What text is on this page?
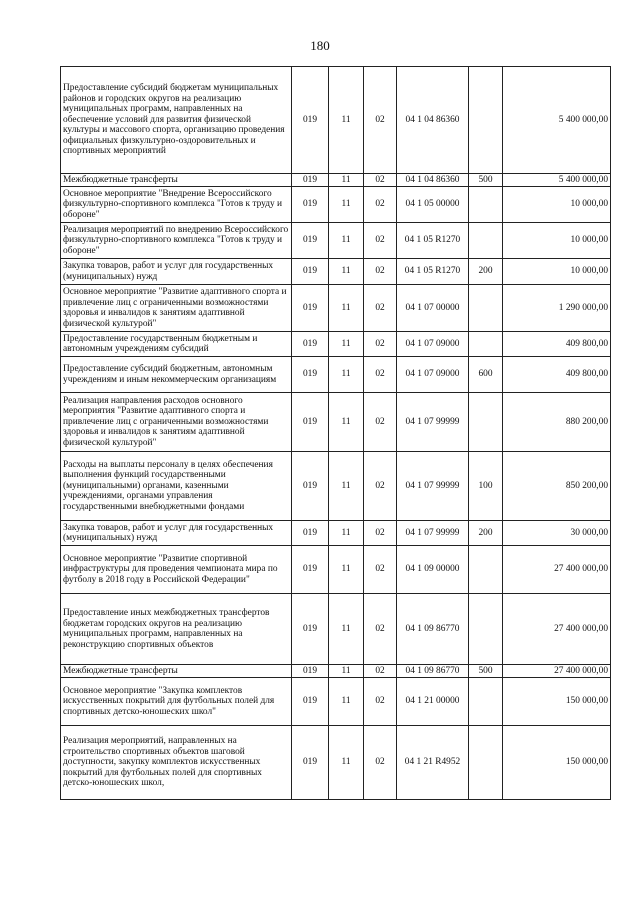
180
Предоставление субсидий бюджетам муниципальных районов и городских округов на реализацию муниципальных программ, направленных на обеспечение условий для развития физической культуры и массового спорта, организацию проведения официальных физкультурно-оздоровительных и спортивных мероприятий	019	11	02	04 1 04 86360		5 400 000,00
Межбюджетные трансферты	019	11	02	04 1 04 86360	500	5 400 000,00
Основное мероприятие "Внедрение Всероссийского физкультурно-спортивного комплекса "Готов к труду и обороне"	019	11	02	04 1 05 00000		10 000,00
Реализация мероприятий по внедрению Всероссийского физкультурно-спортивного комплекса "Готов к труду и обороне"	019	11	02	04 1 05 R1270		10 000,00
Закупка товаров, работ и услуг для государственных (муниципальных) нужд	019	11	02	04 1 05 R1270	200	10 000,00
Основное мероприятие "Развитие адаптивного спорта и привлечение лиц с ограниченными возможностями здоровья и инвалидов к занятиям адаптивной физической культурой"	019	11	02	04 1 07 00000		1 290 000,00
Предоставление государственным бюджетным и автономным учреждениям субсидий	019	11	02	04 1 07 09000		409 800,00
Предоставление субсидий бюджетным, автономным учреждениям и иным некоммерческим организациям	019	11	02	04 1 07 09000	600	409 800,00
Реализация направления расходов основного мероприятия "Развитие адаптивного спорта и привлечение лиц с ограниченными возможностями здоровья и инвалидов к занятиям адаптивной физической культурой"	019	11	02	04 1 07 99999		880 200,00
Расходы на выплаты персоналу в целях обеспечения выполнения функций государственными (муниципальными) органами, казенными учреждениями, органами управления государственными внебюджетными фондами	019	11	02	04 1 07 99999	100	850 200,00
Закупка товаров, работ и услуг для государственных (муниципальных) нужд	019	11	02	04 1 07 99999	200	30 000,00
Основное мероприятие "Развитие спортивной инфраструктуры для проведения чемпионата мира по футболу в 2018 году в Российской Федерации"	019	11	02	04 1 09 00000		27 400 000,00
Предоставление иных межбюджетных трансфертов бюджетам городских округов на реализацию муниципальных программ, направленных на реконструкцию спортивных объектов	019	11	02	04 1 09 86770		27 400 000,00
Межбюджетные трансферты	019	11	02	04 1 09 86770	500	27 400 000,00
Основное мероприятие "Закупка комплектов искусственных покрытий для футбольных полей для спортивных детско-юношеских школ"	019	11	02	04 1 21 00000		150 000,00
Реализация мероприятий, направленных на строительство спортивных объектов шаговой доступности, закупку комплектов искусственных покрытий для футбольных полей для спортивных детско-юношеских школ,	019	11	02	04 1 21 R4952		150 000,00
